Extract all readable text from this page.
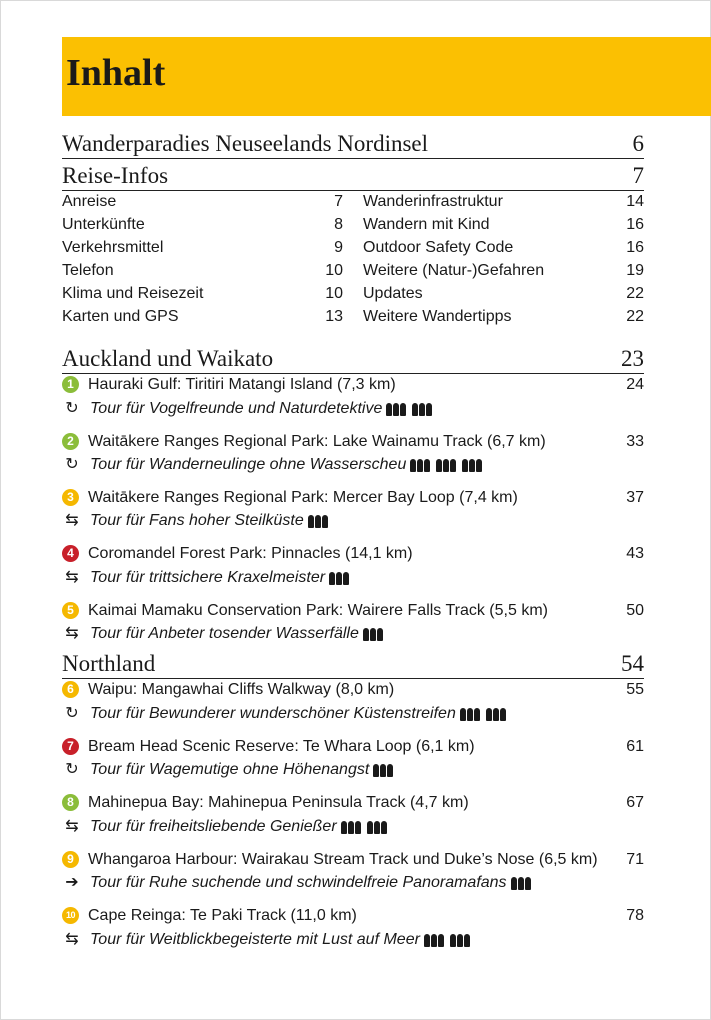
Inhalt
Wanderparadies Neuseelands Nordinsel	6
Reise-Infos	7
Anreise	7
Unterkünfte	8
Verkehrsmittel	9
Telefon	10
Klima und Reisezeit	10
Karten und GPS	13
Wanderinfrastruktur	14
Wandern mit Kind	16
Outdoor Safety Code	16
Weitere (Natur-)Gefahren	19
Updates	22
Weitere Wandertipps	22
Auckland und Waikato	23
1 Hauraki Gulf: Tiritiri Matangi Island (7,3 km)	24
↻ Tour für Vogelfreunde und Naturdetektive
2 Waitākere Ranges Regional Park: Lake Wainamu Track (6,7 km)	33
↻ Tour für Wanderneulinge ohne Wasserscheu
3 Waitākere Ranges Regional Park: Mercer Bay Loop (7,4 km)	37
⇆ Tour für Fans hoher Steilküste
4 Coromandel Forest Park: Pinnacles (14,1 km)	43
⇆ Tour für trittsichere Kraxelmeister
5 Kaimai Mamaku Conservation Park: Wairere Falls Track (5,5 km)	50
⇆ Tour für Anbeter tosender Wasserfälle
Northland	54
6 Waipu: Mangawhai Cliffs Walkway (8,0 km)	55
↻ Tour für Bewunderer wunderschöner Küstenstreifen
7 Bream Head Scenic Reserve: Te Whara Loop (6,1 km)	61
↻ Tour für Wagemutige ohne Höhenangst
8 Mahinepua Bay: Mahinepua Peninsula Track (4,7 km)	67
⇆ Tour für freiheitsliebende Genießer
9 Whangaroa Harbour: Wairakau Stream Track und Duke’s Nose (6,5 km) 71
➔ Tour für Ruhe suchende und schwindelfreie Panoramafans
10 Cape Reinga: Te Paki Track (11,0 km)	78
⇆ Tour für Weitblickbegeisterte mit Lust auf Meer
